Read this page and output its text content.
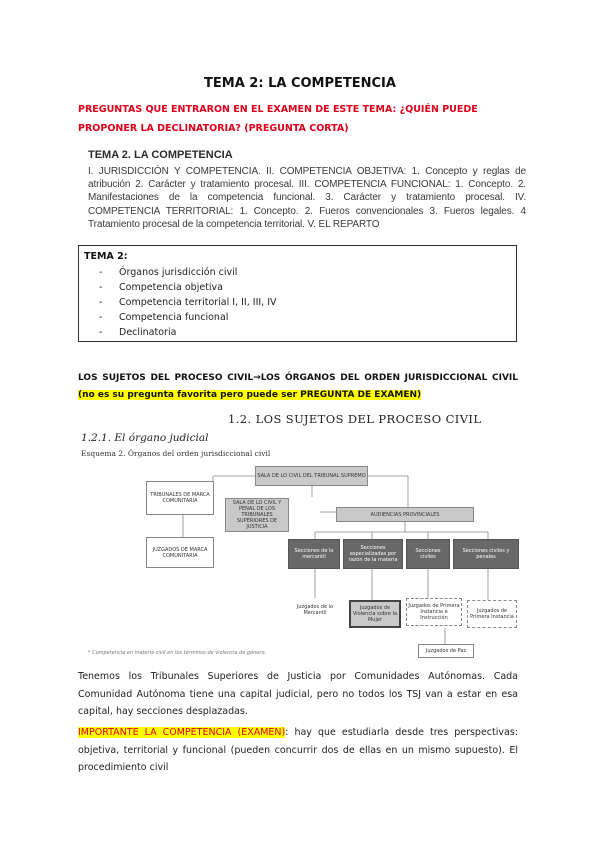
TEMA 2: LA COMPETENCIA
PREGUNTAS QUE ENTRARON EN EL EXAMEN DE ESTE TEMA: ¿QUIÉN PUEDE PROPONER LA DECLINATORIA? (PREGUNTA CORTA)
TEMA 2. LA COMPETENCIA
I. JURISDICCIÓN Y COMPETENCIA. II. COMPETENCIA OBJETIVA: 1. Concepto y reglas de atribución 2. Carácter y tratamiento procesal. III. COMPETENCIA FUNCIONAL: 1. Concepto. 2. Manifestaciones de la competencia funcional. 3. Carácter y tratamiento procesal. IV. COMPETENCIA TERRITORIAL: 1. Concepto. 2. Fueros convencionales 3. Fueros legales. 4 Tratamiento procesal de la competencia territorial. V. EL REPARTO
TEMA 2:
- Órganos jurisdicción civil
- Competencia objetiva
- Competencia territorial I, II, III, IV
- Competencia funcional
- Declinatoria
LOS SUJETOS DEL PROCESO CIVIL→LOS ÓRGANOS DEL ORDEN JURISDICCIONAL CIVIL (no es su pregunta favorita pero puede ser PREGUNTA DE EXAMEN)
1.2. LOS SUJETOS DEL PROCESO CIVIL
1.2.1. El órgano judicial
Esquema 2. Órganos del orden jurisdiccional civil
SALA DE LO CIVIL DEL TRIBUNAL SUPREMO
TRIBUNALES DE MARCA COMUNITARIA	SALA DE LO CIVIL Y PENAL DE LOS TRIBUNALES SUPERIORES DE JUSTICIA
AUDIENCIAS PROVINCIALES
JUZGADOS DE MARCA COMUNITARIA
Secciones de lo mercantil
Secciones especializadas por razón de la materia
Secciones civiles
Secciones civiles y penales
Juzgados de lo Mercantil
Juzgados de Violencia sobre la Mujer
Juzgados de Primera Instancia e Instrucción
Juzgados de Primera Instancia
Juzgados de Paz
* Competencia en materia civil en los términos de violencia de género.
Tenemos los Tribunales Superiores de Justicia por Comunidades Autónomas. Cada Comunidad Autónoma tiene una capital judicial, pero no todos los TSJ van a estar en esa capital, hay secciones desplazadas.
IMPORTANTE LA COMPETENCIA (EXAMEN): hay que estudiarla desde tres perspectivas: objetiva, territorial y funcional (pueden concurrir dos de ellas en un mismo supuesto). El procedimiento civil
